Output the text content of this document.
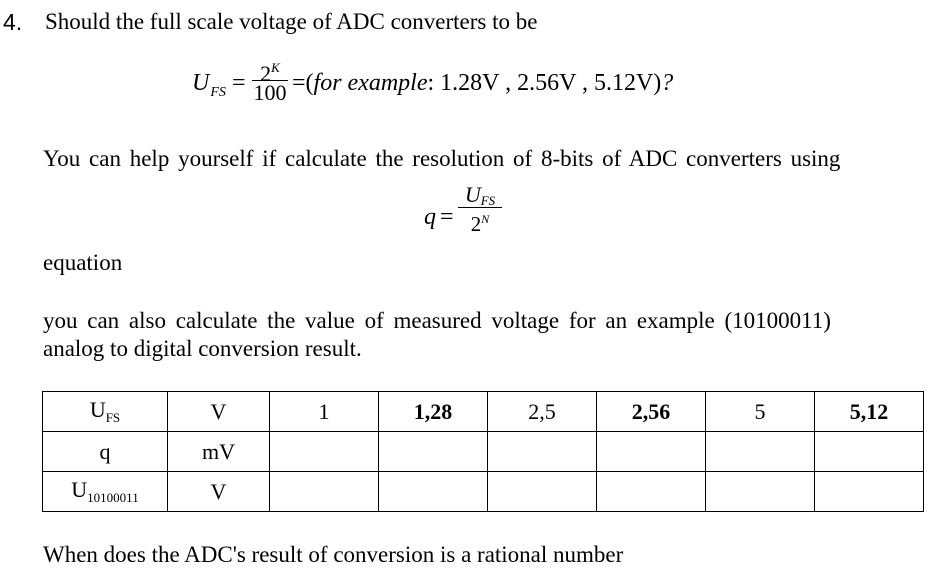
4. Should the full scale voltage of ADC converters to be
$U_{FS} = 2^K$
100 =(for example: 1.28V , 2.56V , 5.12V)?
You can help yourself if calculate the resolution of 8-bits of ADC converters using
q =
$U_{FS}$
$2^N$
equation
you can also calculate the value of measured voltage for an example (10100011)
analog to digital conversion result.
$U_{FS}$	V	1	1,28	2,5	2,56	5	5,12
q	mV						
$U_{10100011}$	V						
When does the ADC's result of conversion is a rational number
